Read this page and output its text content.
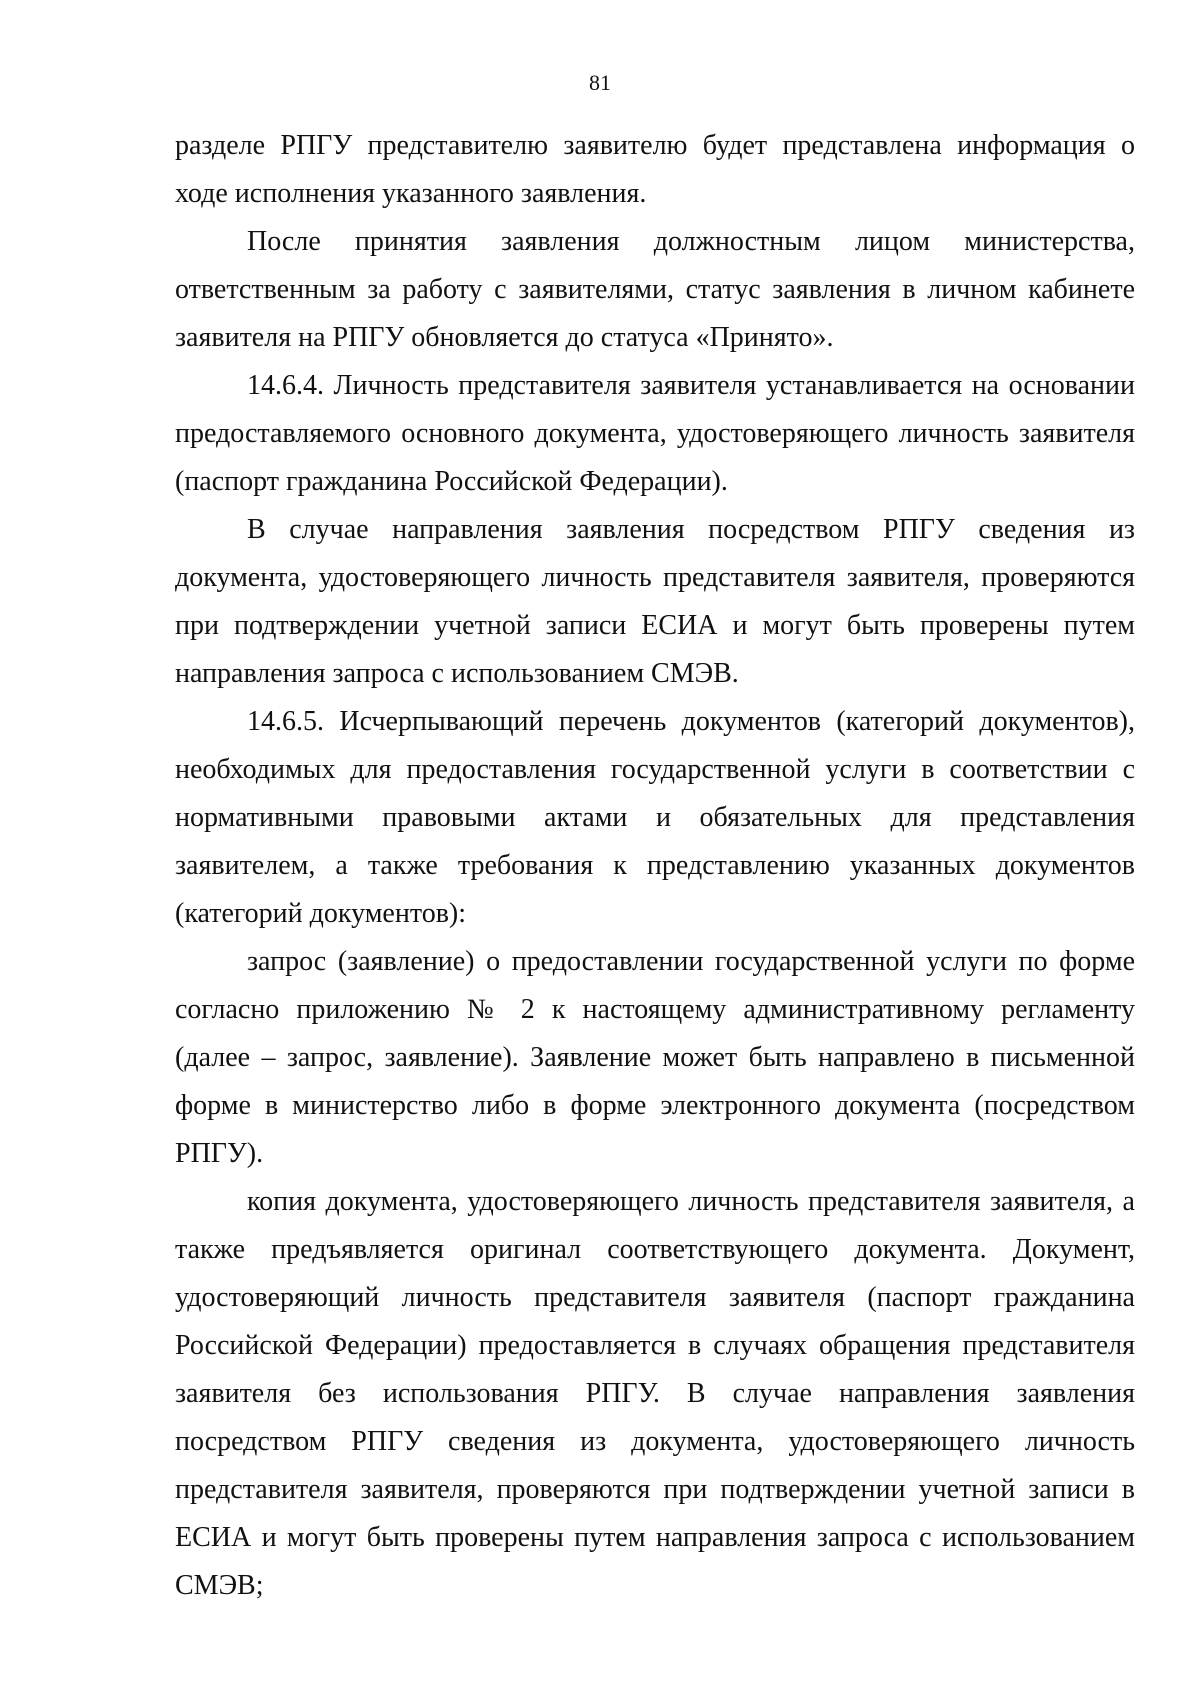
81

разделе РПГУ представителю заявителю будет представлена информация о ходе исполнения указанного заявления.

После принятия заявления должностным лицом министерства, ответственным за работу с заявителями, статус заявления в личном кабинете заявителя на РПГУ обновляется до статуса «Принято».

14.6.4. Личность представителя заявителя устанавливается на основании предоставляемого основного документа, удостоверяющего личность заявителя (паспорт гражданина Российской Федерации).

В случае направления заявления посредством РПГУ сведения из документа, удостоверяющего личность представителя заявителя, проверяются при подтверждении учетной записи ЕСИА и могут быть проверены путем направления запроса с использованием СМЭВ.

14.6.5. Исчерпывающий перечень документов (категорий документов), необходимых для предоставления государственной услуги в соответствии с нормативными правовыми актами и обязательных для представления заявителем, а также требования к представлению указанных документов (категорий документов):

запрос (заявление) о предоставлении государственной услуги по форме согласно приложению № 2 к настоящему административному регламенту (далее – запрос, заявление). Заявление может быть направлено в письменной форме в министерство либо в форме электронного документа (посредством РПГУ).

копия документа, удостоверяющего личность представителя заявителя, а также предъявляется оригинал соответствующего документа. Документ, удостоверяющий личность представителя заявителя (паспорт гражданина Российской Федерации) предоставляется в случаях обращения представителя заявителя без использования РПГУ. В случае направления заявления посредством РПГУ сведения из документа, удостоверяющего личность представителя заявителя, проверяются при подтверждении учетной записи в ЕСИА и могут быть проверены путем направления запроса с использованием СМЭВ;
